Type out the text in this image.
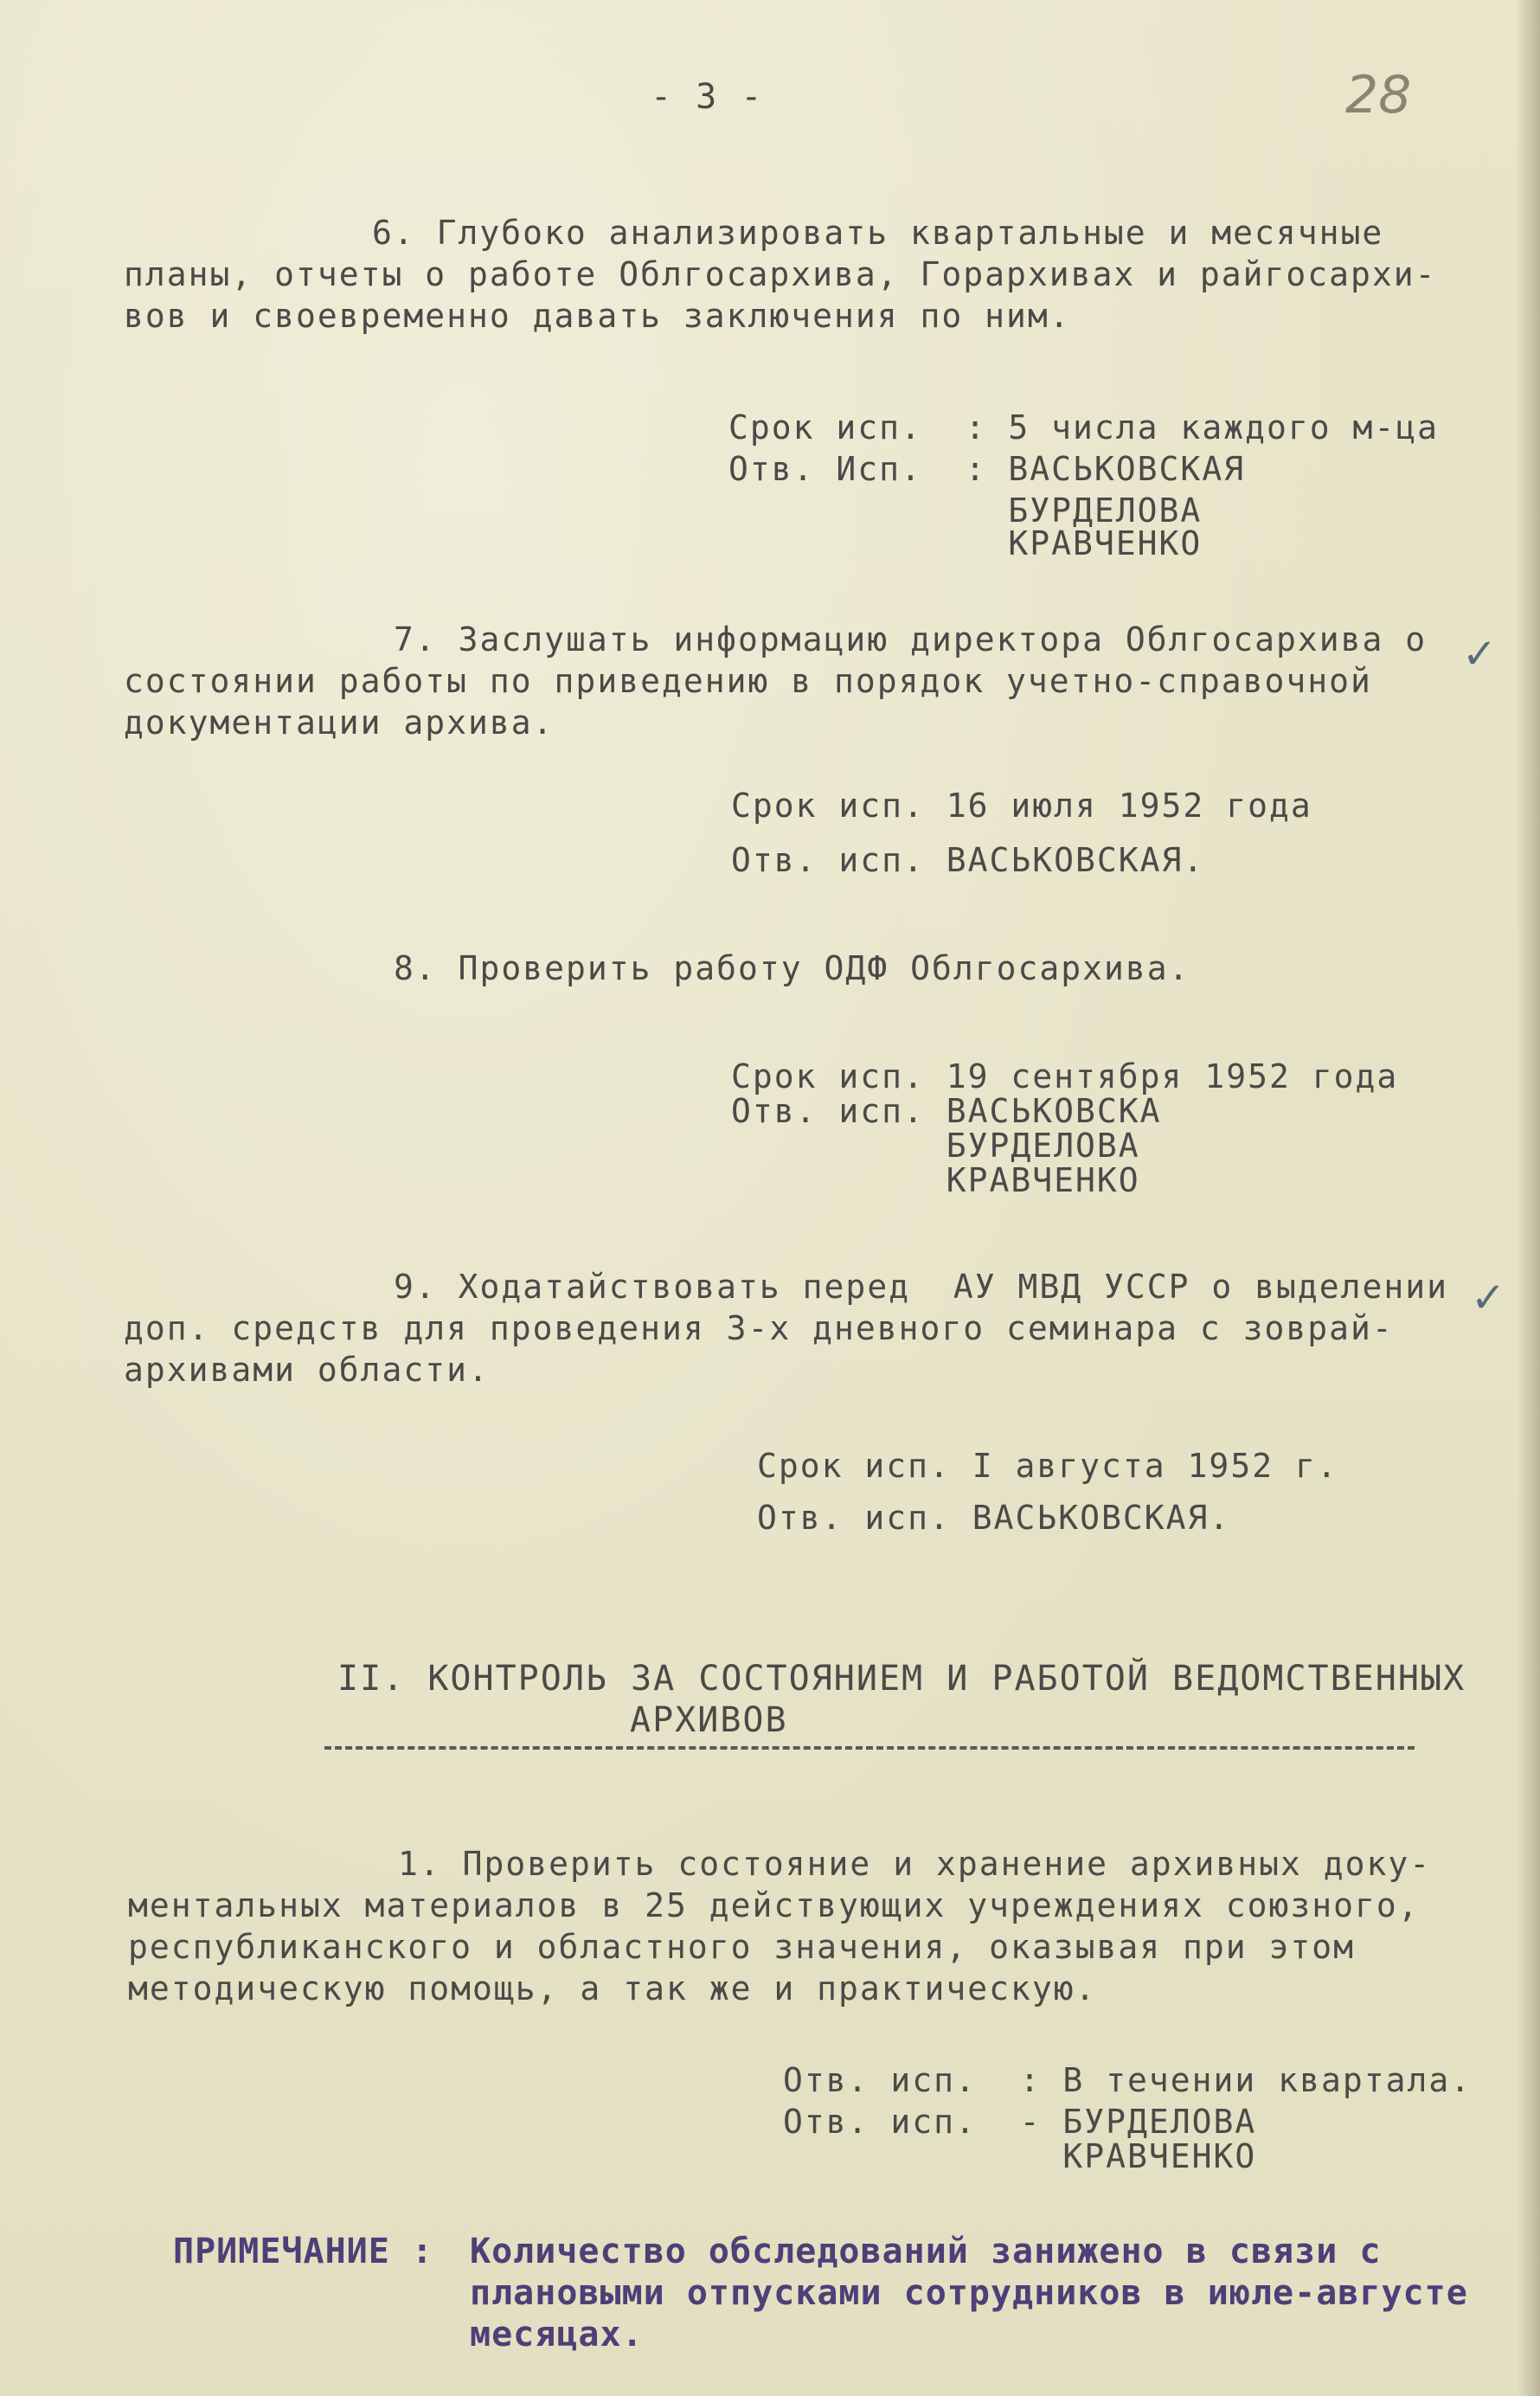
- 3 -	28
6. Глубоко анализировать квартальные и месячные
планы, отчеты о работе Облгосархива, Горархивах и райгосархи-
вов и своевременно давать заключения по ним.
Срок исп.  : 5 числа каждого м-ца
Отв. Исп.  : ВАСЬКОВСКАЯ
БУРДЕЛОВА
КРАВЧЕНКО
7. Заслушать информацию директора Облгосархива о
состоянии работы по приведению в порядок учетно-справочной
документации архива.
Срок исп. 16 июля 1952 года
Отв. исп. ВАСЬКОВСКАЯ.
8. Проверить работу ОДФ Облгосархива.
Срок исп. 19 сентября 1952 года
Отв. исп. ВАСЬКОВСКА
БУРДЕЛОВА
КРАВЧЕНКО
9. Ходатайствовать перед  АУ МВД УССР о выделении
доп. средств для проведения 3-х дневного семинара с зоврай-
архивами области.
Срок исп. I августа 1952 г.
Отв. исп. ВАСЬКОВСКАЯ.
II. КОНТРОЛЬ ЗА СОСТОЯНИЕМ И РАБОТОЙ ВЕДОМСТВЕННЫХ
АРХИВОВ
1. Проверить состояние и хранение архивных доку-
ментальных материалов в 25 действующих учреждениях союзного,
республиканского и областного значения, оказывая при этом
методическую помощь, а так же и практическую.
Отв. исп.  : В течении квартала.
Отв. исп.  - БУРДЕЛОВА
КРАВЧЕНКО
ПРИМЕЧАНИЕ : Количество обследований занижено в связи с
плановыми отпусками сотрудников в июле-августе
месяцах.
✓
✓
